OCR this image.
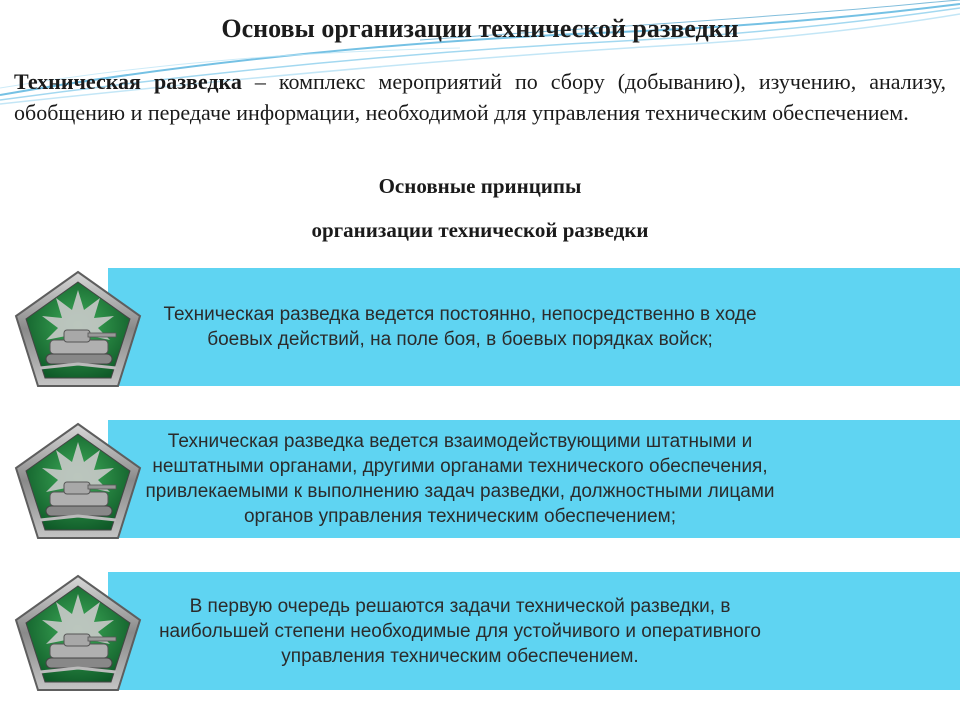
Основы организации технической разведки
Техническая разведка – комплекс мероприятий по сбору (добыванию), изучению, анализу, обобщению и передаче информации, необходимой для управления техническим обеспечением.
Основные принципы
организации технической разведки
Техническая разведка ведется постоянно, непосредственно в ходе боевых действий, на поле боя, в боевых порядках войск;
Техническая разведка ведется взаимодействующими штатными и нештатными органами, другими органами технического обеспечения, привлекаемыми к выполнению задач разведки, должностными лицами органов управления техническим обеспечением;
В первую очередь решаются задачи технической разведки, в наибольшей степени необходимые для устойчивого и оперативного управления техническим обеспечением.
